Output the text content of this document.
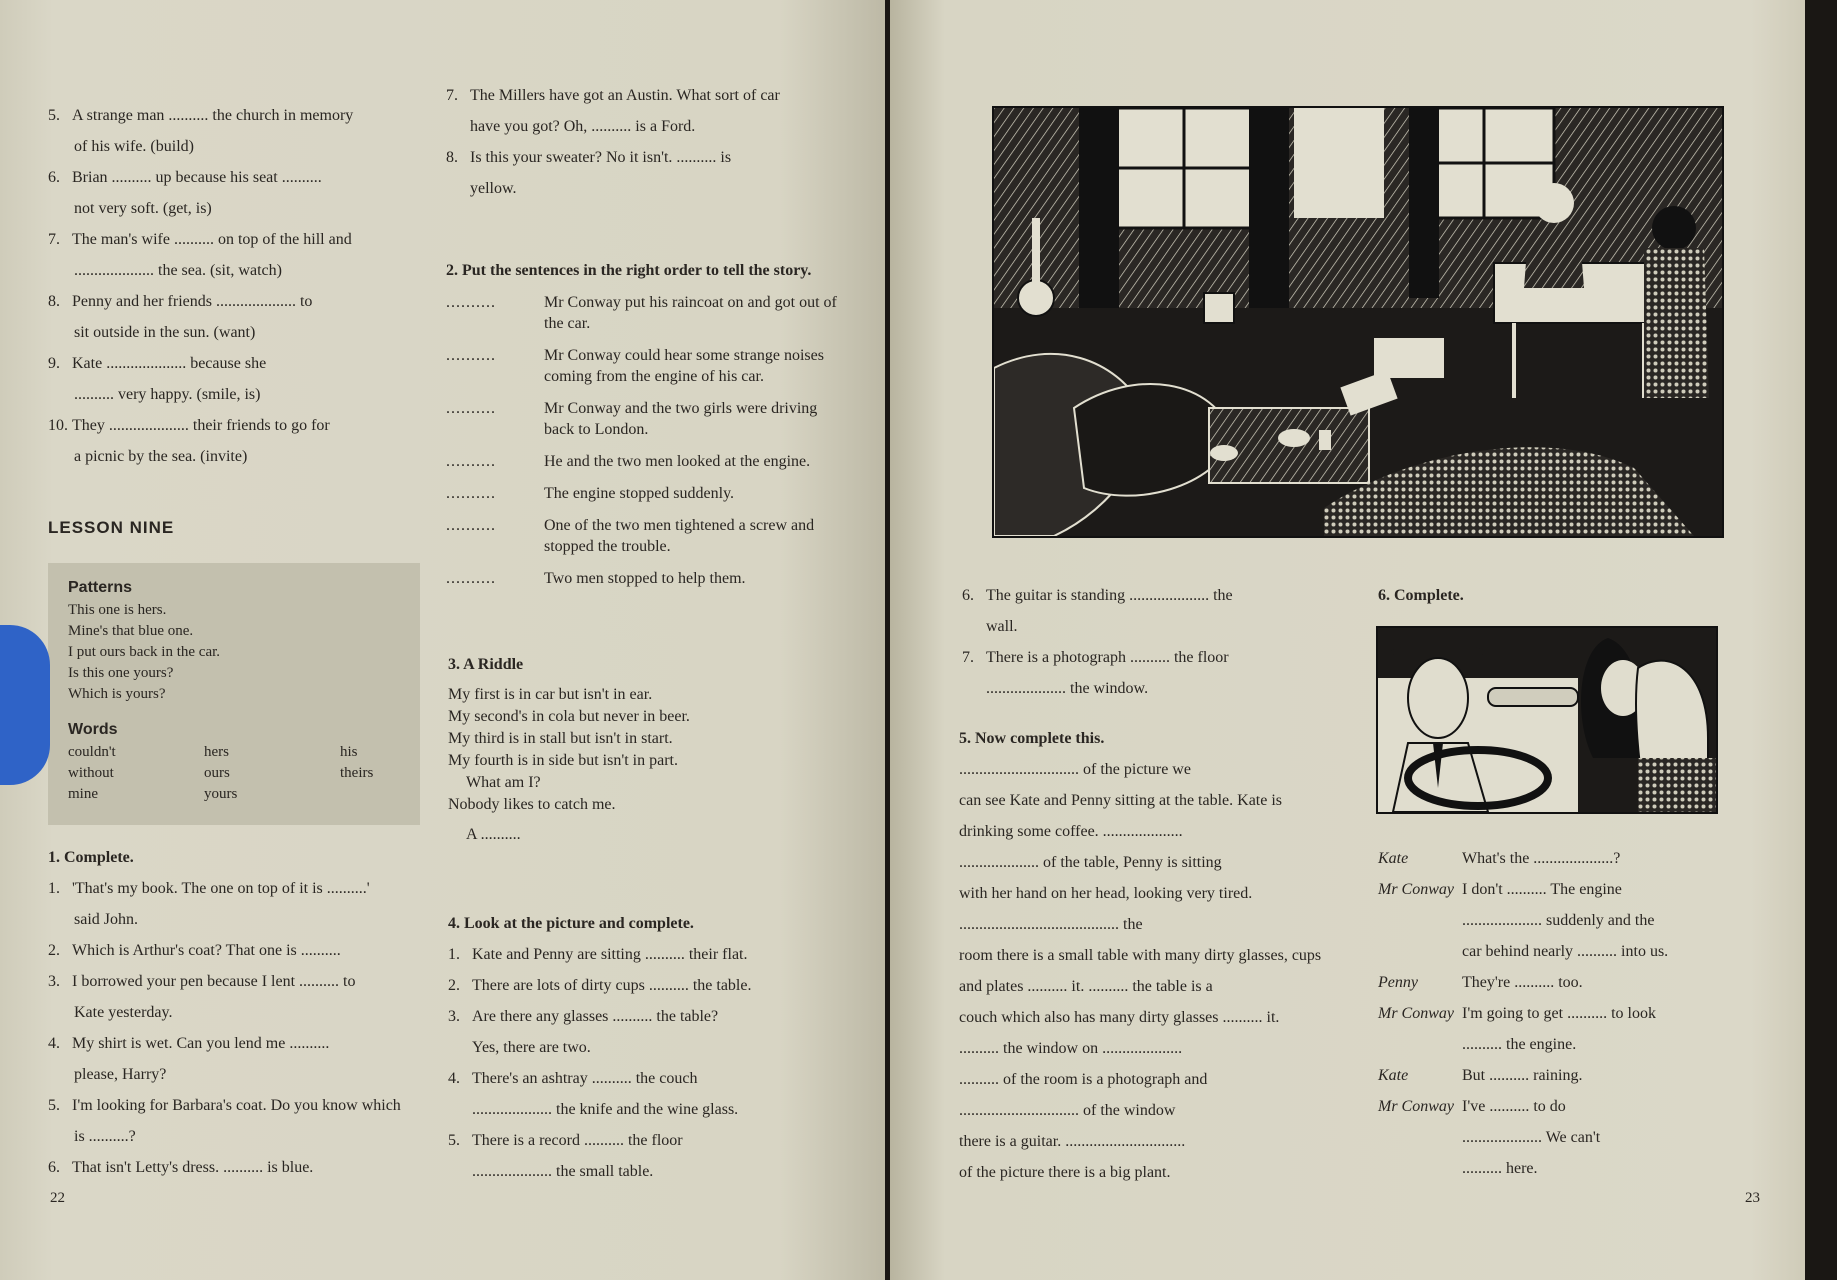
5. A strange man .......... the church in memory

of his wife. (build)

6. Brian .......... up because his seat ..........

not very soft. (get, is)

7. The man's wife .......... on top of the hill and

.................... the sea. (sit, watch)

8. Penny and her friends .................... to

sit outside in the sun. (want)

9. Kate .................... because she

.......... very happy. (smile, is)

10. They .................... their friends to go for

a picnic by the sea. (invite)

LESSON NINE

Patterns

This one is hers.
Mine's that blue one.
I put ours back in the car.
Is this one yours?
Which is yours?

Words

couldn't	hers	his
without	ours	theirs
mine	yours

1. Complete.

1. 'That's my book. The one on top of it is ..........'

said John.

2. Which is Arthur's coat? That one is ..........

3. I borrowed your pen because I lent .......... to

Kate yesterday.

4. My shirt is wet. Can you lend me ..........

please, Harry?

5. I'm looking for Barbara's coat. Do you know which

is ..........?

6. That isn't Letty's dress. .......... is blue.

7. The Millers have got an Austin. What sort of car

have you got? Oh, .......... is a Ford.

8. Is this your sweater? No it isn't. .......... is

yellow.

2. Put the sentences in the right order to tell the story.

..........	Mr Conway put his raincoat on and got out of the car.
..........	Mr Conway could hear some strange noises coming from the engine of his car.
..........	Mr Conway and the two girls were driving back to London.
..........	He and the two men looked at the engine.
..........	The engine stopped suddenly.
..........	One of the two men tightened a screw and stopped the trouble.
..........	Two men stopped to help them.

3. A Riddle

My first is in car but isn't in ear.

My second's in cola but never in beer.

My third is in stall but isn't in start.

My fourth is in side but isn't in part.

What am I?

Nobody likes to catch me.

A ..........

4. Look at the picture and complete.

1. Kate and Penny are sitting .......... their flat.

2. There are lots of dirty cups .......... the table.

3. Are there any glasses .......... the table?

Yes, there are two.

4. There's an ashtray .......... the couch

.................... the knife and the wine glass.

5. There is a record .......... the floor

.................... the small table.

22

6. The guitar is standing .................... the

wall.

7. There is a photograph .......... the floor

.................... the window.

5. Now complete this.

.............................. of the picture we

can see Kate and Penny sitting at the table. Kate is

drinking some coffee. ....................

.................... of the table, Penny is sitting

with her hand on her head, looking very tired.

........................................ the

room there is a small table with many dirty glasses, cups

and plates .......... it. .......... the table is a

couch which also has many dirty glasses .......... it.

.......... the window on ....................

.......... of the room is a photograph and

.............................. of the window

there is a guitar. ..............................

of the picture there is a big plant.

6. Complete.

Kate	What's the ....................?
Mr Conway I don't .......... The engine
.................... suddenly and the
car behind nearly .......... into us.
Penny	They're .......... too.
Mr Conway I'm going to get .......... to look
.......... the engine.
Kate	But .......... raining.
Mr Conway I've .......... to do
.................... We can't
.......... here.
23
